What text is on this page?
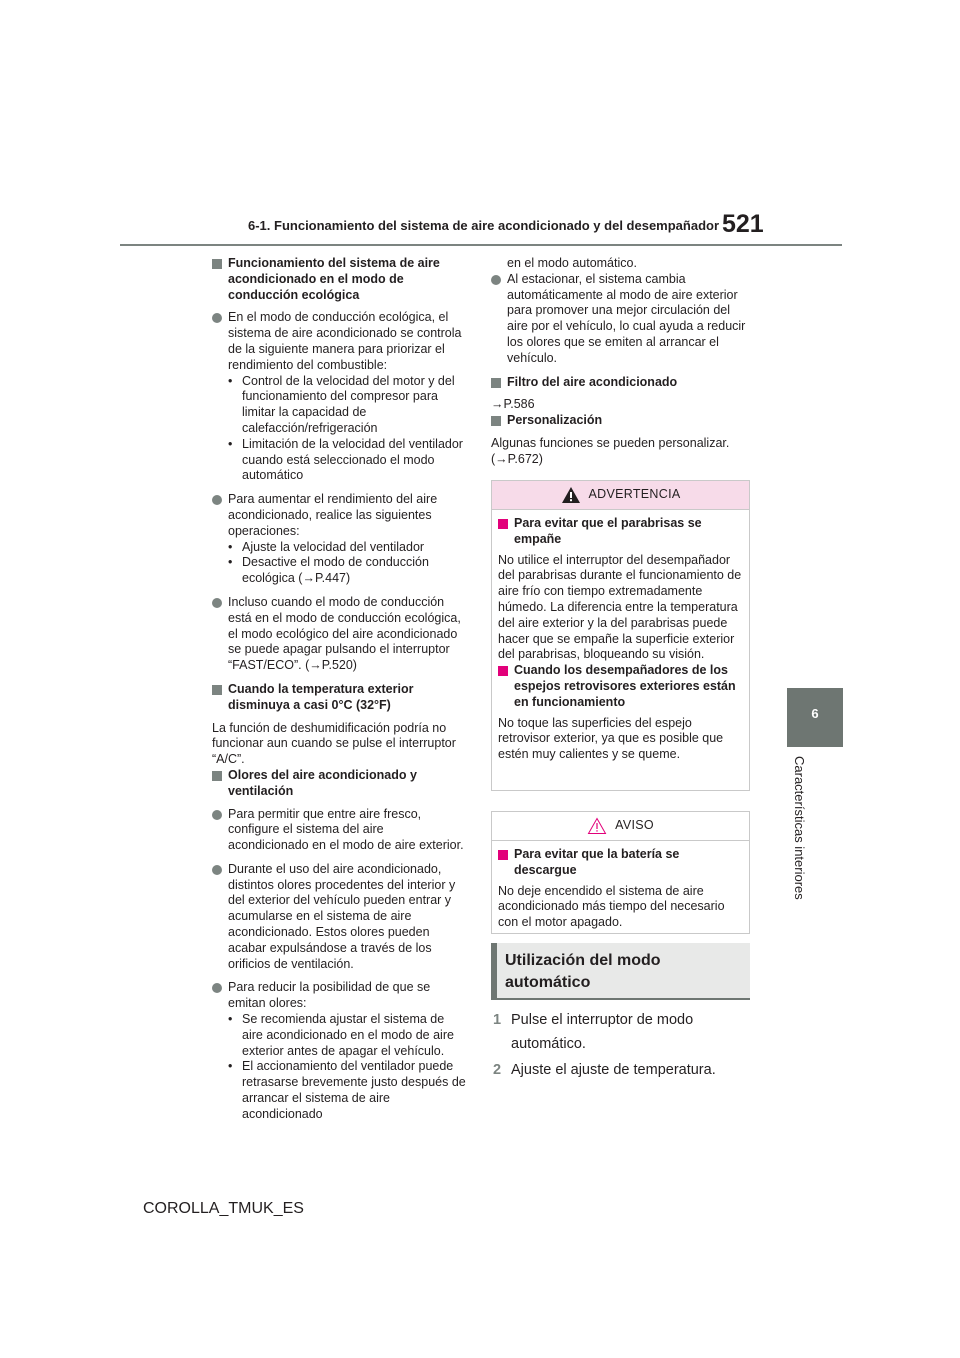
6-1. Funcionamiento del sistema de aire acondicionado y del desempañador 521
6
Características interiores
Funcionamiento del sistema de aire acondicionado en el modo de conducción ecológica

En el modo de conducción ecológica, el sistema de aire acondicionado se controla de la siguiente manera para priorizar el rendimiento del combustible:

• Control de la velocidad del motor y del funcionamiento del compresor para limitar la capacidad de calefacción/refrigeración
• Limitación de la velocidad del ventilador cuando está seleccionado el modo automático

Para aumentar el rendimiento del aire acondicionado, realice las siguientes operaciones:

• Ajuste la velocidad del ventilador
• Desactive el modo de conducción ecológica (→P.447)

Incluso cuando el modo de conducción está en el modo de conducción ecológica, el modo ecológico del aire acondicionado se puede apagar pulsando el interruptor “FAST/ECO”. (→P.520)

Cuando la temperatura exterior disminuya a casi 0°C (32°F)

La función de deshumidificación podría no funcionar aun cuando se pulse el interruptor “A/C”.

Olores del aire acondicionado y ventilación

Para permitir que entre aire fresco, configure el sistema del aire acondicionado en el modo de aire exterior.

Durante el uso del aire acondicionado, distintos olores procedentes del interior y del exterior del vehículo pueden entrar y acumularse en el sistema de aire acondicionado. Estos olores pueden acabar expulsándose a través de los orificios de ventilación.

Para reducir la posibilidad de que se emitan olores:

• Se recomienda ajustar el sistema de aire acondicionado en el modo de aire exterior antes de apagar el vehículo.
• El accionamiento del ventilador puede retrasarse brevemente justo después de arrancar el sistema de aire acondicionado

en el modo automático.

Al estacionar, el sistema cambia automáticamente al modo de aire exterior para promover una mejor circulación del aire por el vehículo, lo cual ayuda a reducir los olores que se emiten al arrancar el vehículo.

Filtro del aire acondicionado

→P.586

Personalización

Algunas funciones se pueden personalizar. (→P.672)

ADVERTENCIA
Para evitar que el parabrisas se empañe

No utilice el interruptor del desempañador del parabrisas durante el funcionamiento de aire frío con tiempo extremadamente húmedo. La diferencia entre la temperatura del aire exterior y la del parabrisas puede hacer que se empañe la superficie exterior del parabrisas, bloqueando su visión.

Cuando los desempañadores de los espejos retrovisores exteriores están en funcionamiento

No toque las superficies del espejo retrovisor exterior, ya que es posible que estén muy calientes y se queme.

AVISO
Para evitar que la batería se descargue

No deje encendido el sistema de aire acondicionado más tiempo del necesario con el motor apagado.

Utilización del modo automático
1 Pulse el interruptor de modo automático.
2 Ajuste el ajuste de temperatura.
COROLLA_TMUK_ES
